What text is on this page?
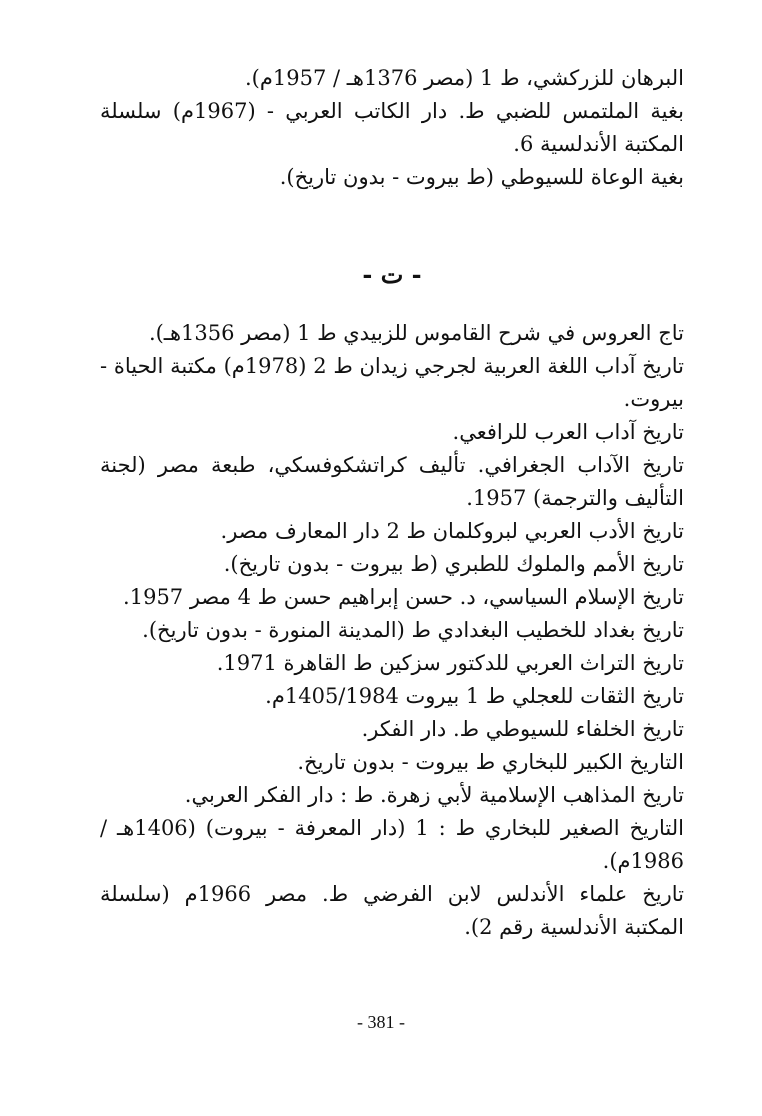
البرهان للزركشي، ط 1 (مصر 1376هـ / 1957م).

بغية الملتمس للضبي ط. دار الكاتب العربي - (1967م) سلسلة المكتبة الأندلسية 6.

بغية الوعاة للسيوطي (ط بيروت - بدون تاريخ).

- ت -

تاج العروس في شرح القاموس للزبيدي ط 1 (مصر 1356هـ).

تاريخ آداب اللغة العربية لجرجي زيدان ط 2 (1978م) مكتبة الحياة - بيروت.

تاريخ آداب العرب للرافعي.

تاريخ الآداب الجغرافي. تأليف كراتشكوفسكي، طبعة مصر (لجنة التأليف والترجمة) 1957.

تاريخ الأدب العربي لبروكلمان ط 2 دار المعارف مصر.

تاريخ الأمم والملوك للطبري (ط بيروت - بدون تاريخ).

تاريخ الإسلام السياسي، د. حسن إبراهيم حسن ط 4 مصر 1957.

تاريخ بغداد للخطيب البغدادي ط (المدينة المنورة - بدون تاريخ).

تاريخ التراث العربي للدكتور سزكين ط القاهرة 1971.

تاريخ الثقات للعجلي ط 1 بيروت 1405/1984م.

تاريخ الخلفاء للسيوطي ط. دار الفكر.

التاريخ الكبير للبخاري ط بيروت - بدون تاريخ.

تاريخ المذاهب الإسلامية لأبي زهرة. ط : دار الفكر العربي.

التاريخ الصغير للبخاري ط : 1 (دار المعرفة - بيروت) (1406هـ / 1986م).

تاريخ علماء الأندلس لابن الفرضي ط. مصر 1966م (سلسلة المكتبة الأندلسية رقم 2).

- 381 -
